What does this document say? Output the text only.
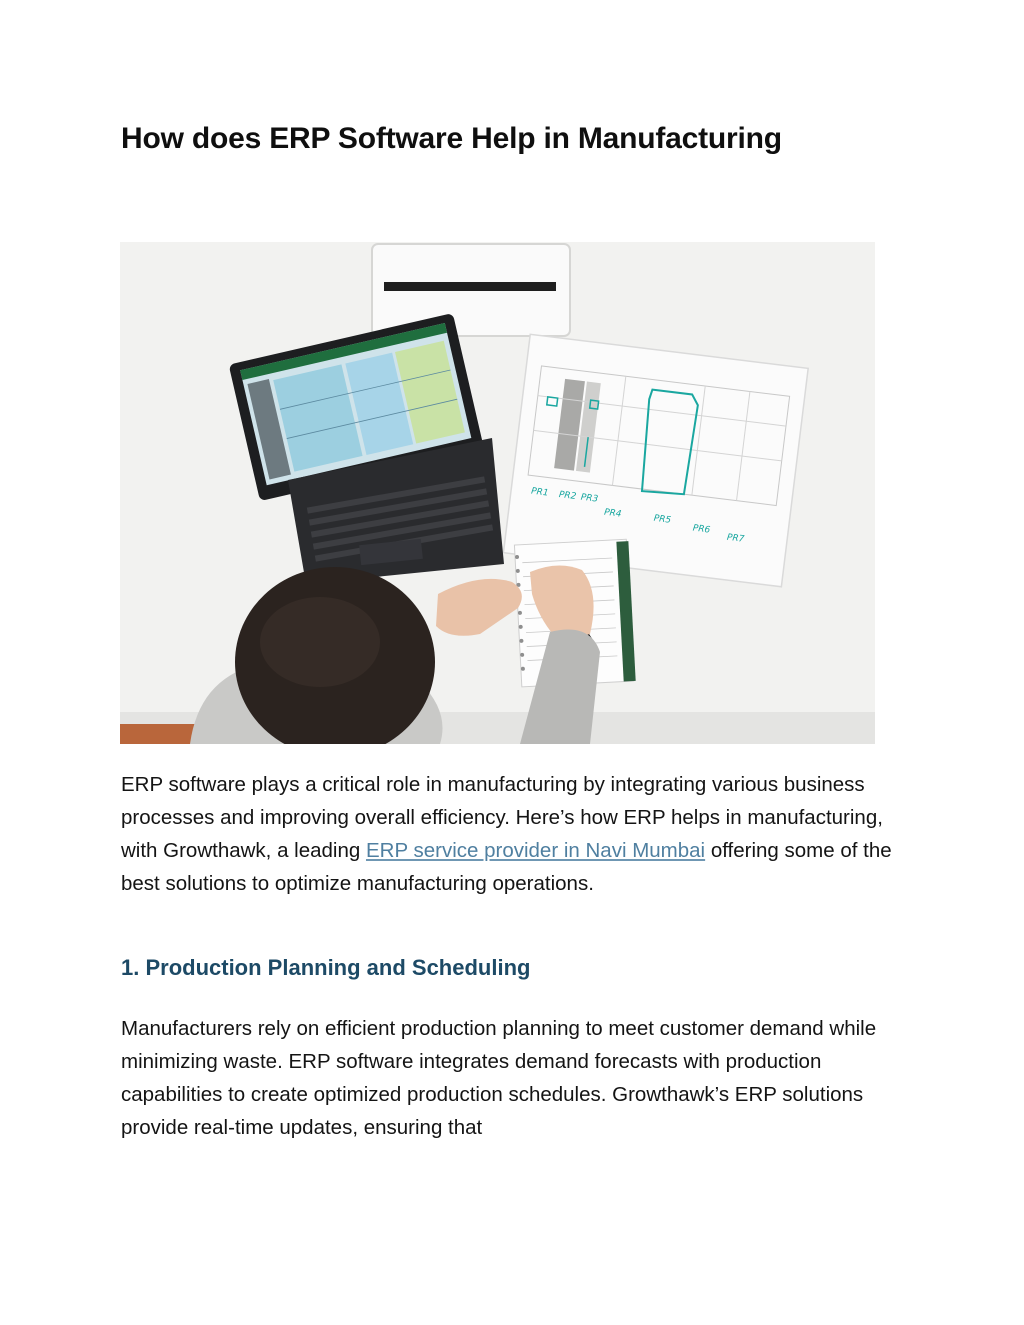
How does ERP Software Help in Manufacturing
PR1 PR2 PR3
PR4
PR5
PR6
PR7

ERP software plays a critical role in manufacturing by integrating various business processes and improving overall efficiency. Here’s how ERP helps in manufacturing, with Growthawk, a leading ERP service provider in Navi Mumbai offering some of the best solutions to optimize manufacturing operations.

1. Production Planning and Scheduling

Manufacturers rely on efficient production planning to meet customer demand while minimizing waste. ERP software integrates demand forecasts with production capabilities to create optimized production schedules. Growthawk’s ERP solutions provide real-time updates, ensuring that
